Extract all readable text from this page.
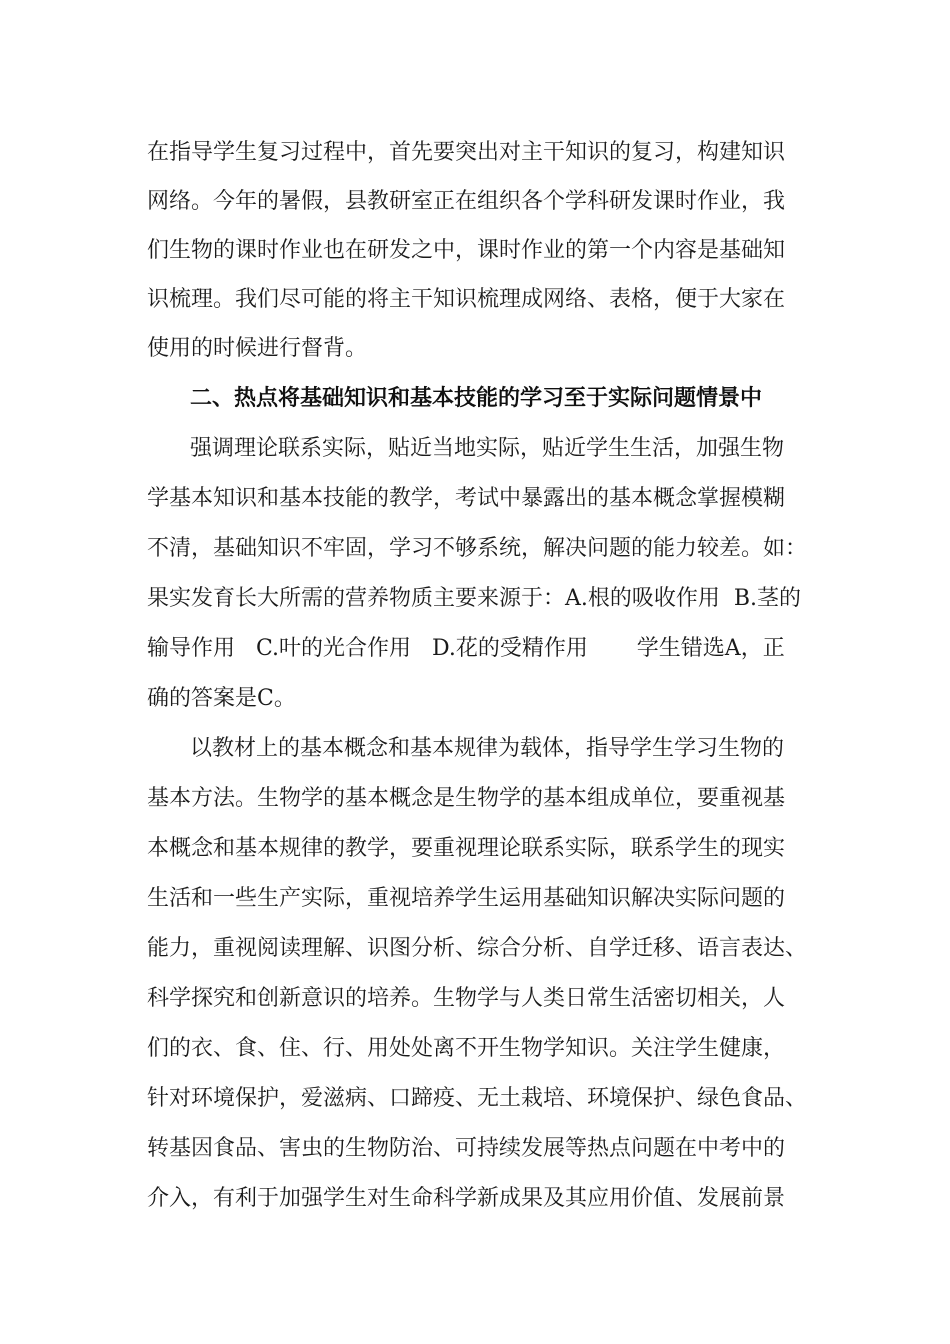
在指导学生复习过程中，首先要突出对主干知识的复习，构建知识

网络。今年的暑假，县教研室正在组织各个学科研发课时作业，我

们生物的课时作业也在研发之中，课时作业的第一个内容是基础知

识梳理。我们尽可能的将主干知识梳理成网络、表格，便于大家在

使用的时候进行督背。

二、热点将基础知识和基本技能的学习至于实际问题情景中

强调理论联系实际，贴近当地实际，贴近学生生活，加强生物

学基本知识和基本技能的教学，考试中暴露出的基本概念掌握模糊

不清，基础知识不牢固，学习不够系统，解决问题的能力较差。如：

果实发育长大所需的营养物质主要来源于：A.根的吸收作用  B.茎的

输导作用   C.叶的光合作用   D.花的受精作用       学生错选A，正

确的答案是C。

以教材上的基本概念和基本规律为载体，指导学生学习生物的

基本方法。生物学的基本概念是生物学的基本组成单位，要重视基

本概念和基本规律的教学，要重视理论联系实际，联系学生的现实

生活和一些生产实际，重视培养学生运用基础知识解决实际问题的

能力，重视阅读理解、识图分析、综合分析、自学迁移、语言表达、

科学探究和创新意识的培养。生物学与人类日常生活密切相关，人

们的衣、食、住、行、用处处离不开生物学知识。关注学生健康，

针对环境保护，爱滋病、口蹄疫、无土栽培、环境保护、绿色食品、

转基因食品、害虫的生物防治、可持续发展等热点问题在中考中的

介入，有利于加强学生对生命科学新成果及其应用价值、发展前景
